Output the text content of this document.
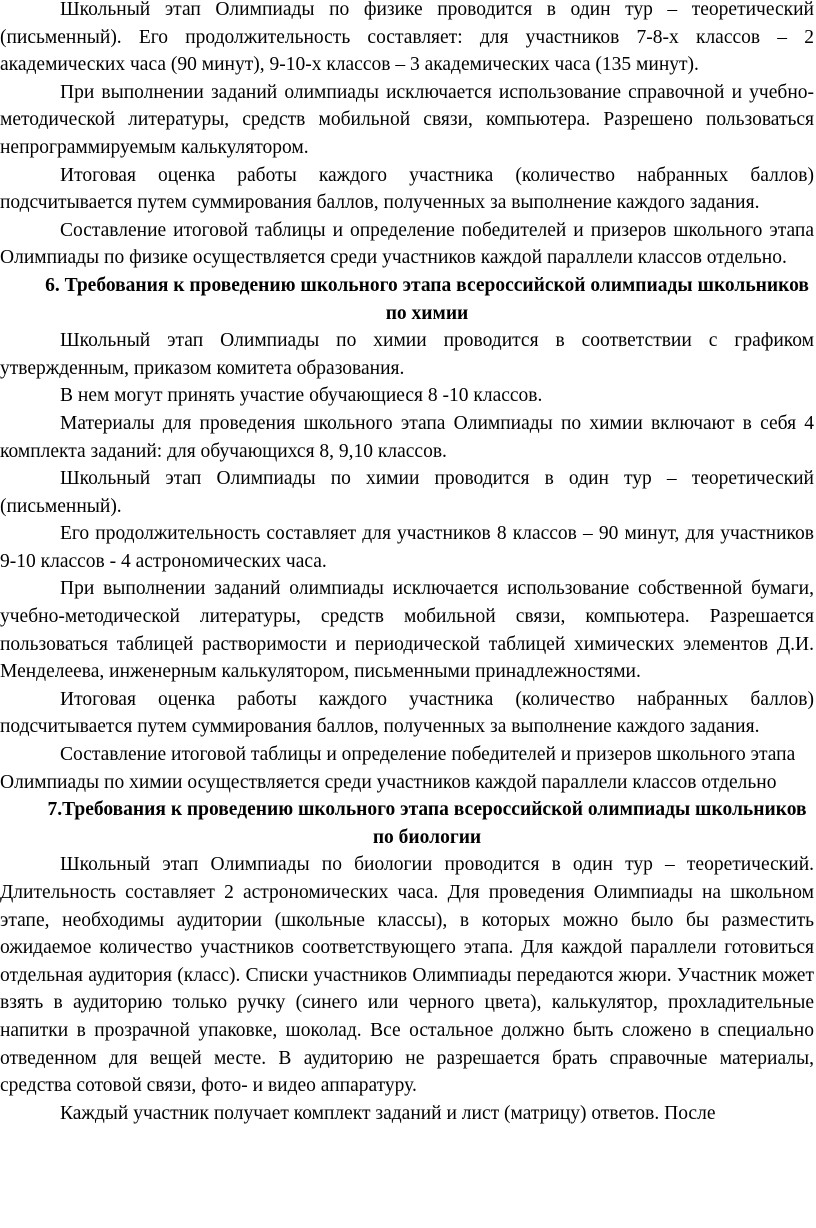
Школьный этап Олимпиады по физике проводится в один тур – теоретический (письменный). Его продолжительность составляет: для участников 7-8-х классов – 2 академических часа (90 минут), 9-10-х классов – 3 академических часа (135 минут).

При выполнении заданий олимпиады исключается использование справочной и учебно-методической литературы, средств мобильной связи, компьютера. Разрешено пользоваться непрограммируемым калькулятором.

Итоговая оценка работы каждого участника (количество набранных баллов) подсчитывается путем суммирования баллов, полученных за выполнение каждого задания.

Составление итоговой таблицы и определение победителей и призеров школьного этапа Олимпиады по физике осуществляется среди участников каждой параллели классов отдельно.

6. Требования к проведению школьного этапа всероссийской олимпиады школьников по химии

Школьный этап Олимпиады по химии проводится в соответствии с графиком утвержденным, приказом комитета образования.

В нем могут принять участие обучающиеся 8 -10 классов.

Материалы для проведения школьного этапа Олимпиады по химии включают в себя 4 комплекта заданий: для обучающихся 8, 9,10 классов.

Школьный этап Олимпиады по химии проводится в один тур – теоретический (письменный).

Его продолжительность составляет для участников 8 классов – 90 минут, для участников 9-10 классов - 4 астрономических часа.

При выполнении заданий олимпиады исключается использование собственной бумаги, учебно-методической литературы, средств мобильной связи, компьютера. Разрешается пользоваться таблицей растворимости и периодической таблицей химических элементов Д.И. Менделеева, инженерным калькулятором, письменными принадлежностями.

Итоговая оценка работы каждого участника (количество набранных баллов) подсчитывается путем суммирования баллов, полученных за выполнение каждого задания.

Составление итоговой таблицы и определение победителей и призеров школьного этапа Олимпиады по химии осуществляется среди участников каждой параллели классов отдельно

7.Требования к проведению школьного этапа всероссийской олимпиады школьников по биологии

Школьный этап Олимпиады по биологии проводится в один тур – теоретический. Длительность составляет 2 астрономических часа. Для проведения Олимпиады на школьном этапе, необходимы аудитории (школьные классы), в которых можно было бы разместить ожидаемое количество участников соответствующего этапа. Для каждой параллели готовиться отдельная аудитория (класс). Списки участников Олимпиады передаются жюри. Участник может взять в аудиторию только ручку (синего или черного цвета), калькулятор, прохладительные напитки в прозрачной упаковке, шоколад. Все остальное должно быть сложено в специально отведенном для вещей месте. В аудиторию не разрешается брать справочные материалы, средства сотовой связи, фото- и видео аппаратуру.

Каждый участник получает комплект заданий и лист (матрицу) ответов. После
